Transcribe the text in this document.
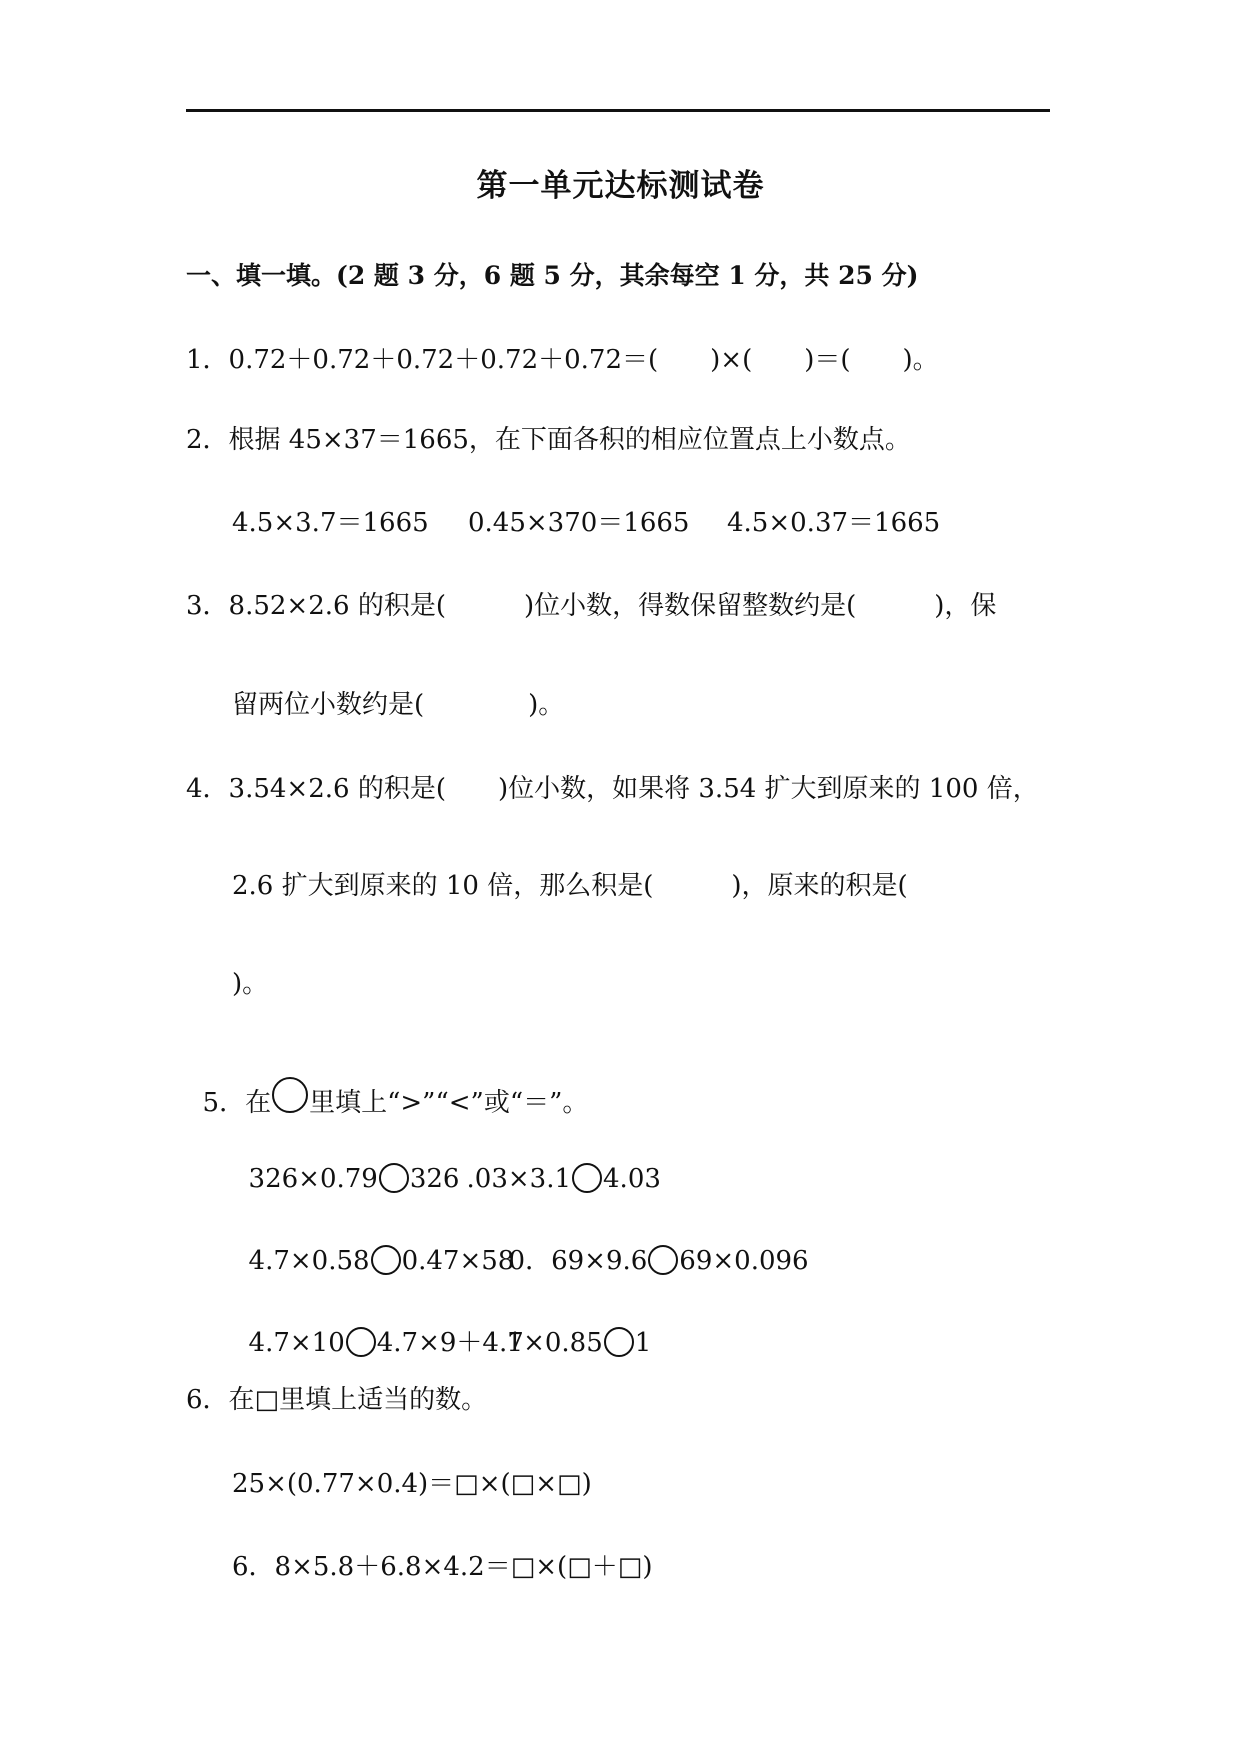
第一单元达标测试卷
一、填一填。(2 题 3 分，6 题 5 分，其余每空 1 分，共 25 分)
1．0.72＋0.72＋0.72＋0.72＋0.72＝(　　)×(　　)＝(　　)。
2．根据 45×37＝1665，在下面各积的相应位置点上小数点。
4.5×3.7＝1665 0.45×370＝1665 4.5×0.37＝1665
3．8.52×2.6 的积是(　　　)位小数，得数保留整数约是(　　　)，保
留两位小数约是(　　　　)。
4．3.54×2.6 的积是(　　)位小数，如果将 3.54 扩大到原来的 100 倍，
2.6 扩大到原来的 10 倍，那么积是(　　　)，原来的积是(
)。

5．在 里填上“>”“<”或“＝”。

326×0.79 326 .03×3.1 4.03

4.7×0.58 0.47×58

0．69×9.6 69×0.096

4.7×10 4.7×9＋4.7

1×0.85 1

6．在□里填上适当的数。
25×(0.77×0.4)＝□×(□×□)
6．8×5.8＋6.8×4.2＝□×(□＋□)
